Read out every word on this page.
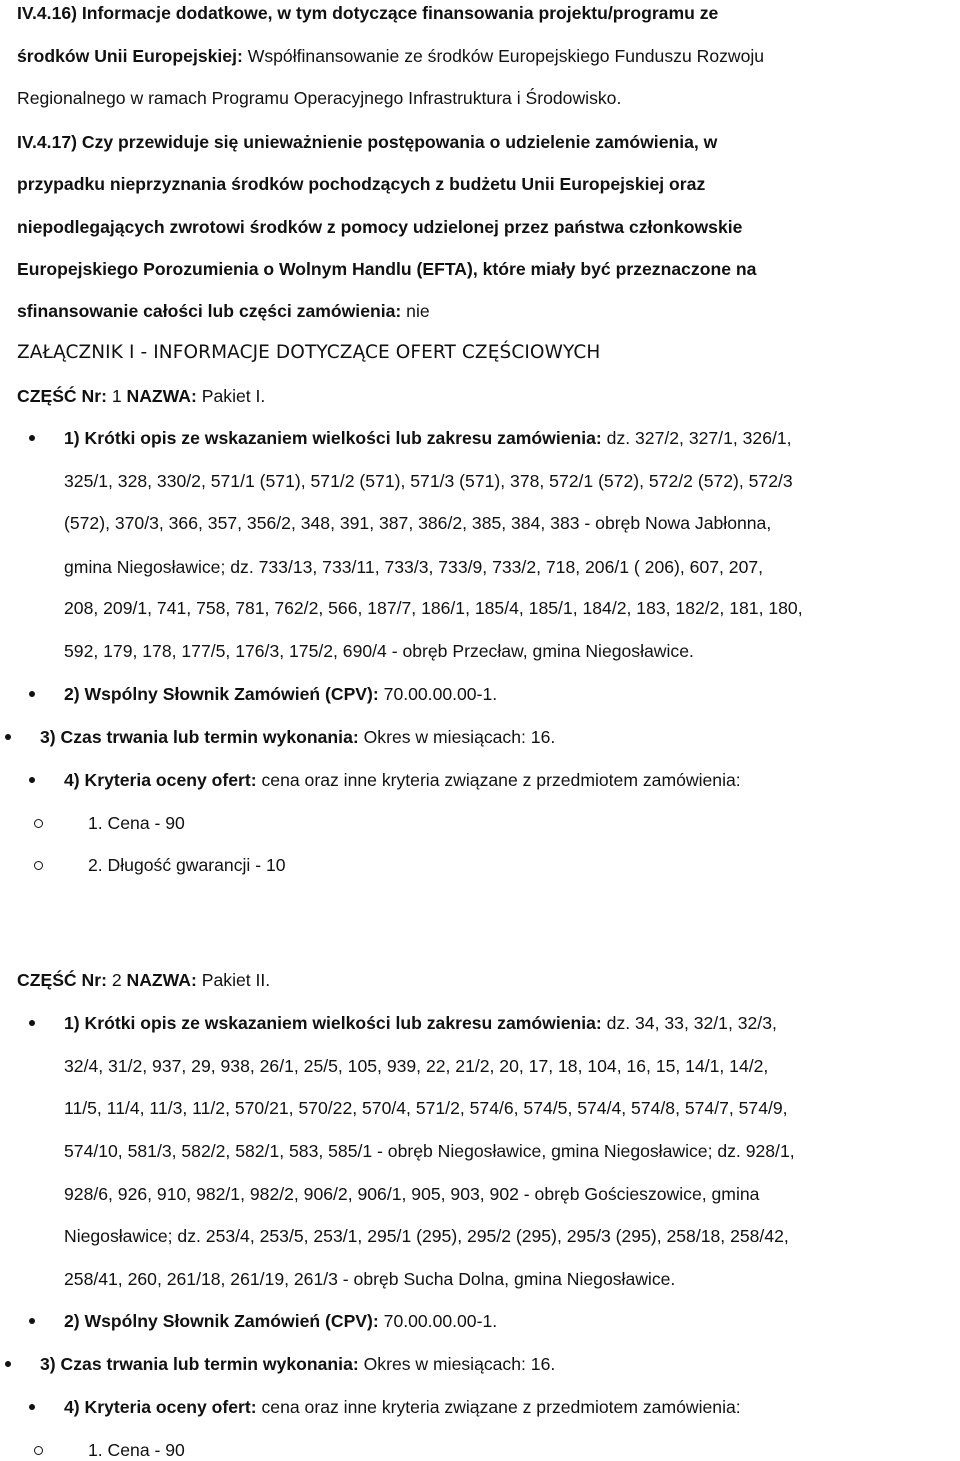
IV.4.16) Informacje dodatkowe, w tym dotyczące finansowania projektu/programu ze
środków Unii Europejskiej: Współfinansowanie ze środków Europejskiego Funduszu Rozwoju
Regionalnego w ramach Programu Operacyjnego Infrastruktura i Środowisko.
IV.4.17) Czy przewiduje się unieważnienie postępowania o udzielenie zamówienia, w
przypadku nieprzyznania środków pochodzących z budżetu Unii Europejskiej oraz
niepodlegających zwrotowi środków z pomocy udzielonej przez państwa członkowskie
Europejskiego Porozumienia o Wolnym Handlu (EFTA), które miały być przeznaczone na
sfinansowanie całości lub części zamówienia: nie
ZAŁĄCZNIK I - INFORMACJE DOTYCZĄCE OFERT CZĘŚCIOWYCH
CZĘŚĆ Nr: 1 NAZWA: Pakiet I.
1) Krótki opis ze wskazaniem wielkości lub zakresu zamówienia: dz. 327/2, 327/1, 326/1,
325/1, 328, 330/2, 571/1 (571), 571/2 (571), 571/3 (571), 378, 572/1 (572), 572/2 (572), 572/3
(572), 370/3, 366, 357, 356/2, 348, 391, 387, 386/2, 385, 384, 383 - obręb Nowa Jabłonna,
gmina Niegosławice; dz. 733/13, 733/11, 733/3, 733/9, 733/2, 718, 206/1 ( 206), 607, 207,
208, 209/1, 741, 758, 781, 762/2, 566, 187/7, 186/1, 185/4, 185/1, 184/2, 183, 182/2, 181, 180,
592, 179, 178, 177/5, 176/3, 175/2, 690/4 - obręb Przecław, gmina Niegosławice.
2) Wspólny Słownik Zamówień (CPV): 70.00.00.00-1.
3) Czas trwania lub termin wykonania: Okres w miesiącach: 16.
4) Kryteria oceny ofert: cena oraz inne kryteria związane z przedmiotem zamówienia:
1. Cena - 90
2. Długość gwarancji - 10
CZĘŚĆ Nr: 2 NAZWA: Pakiet II.
1) Krótki opis ze wskazaniem wielkości lub zakresu zamówienia: dz. 34, 33, 32/1, 32/3,
32/4, 31/2, 937, 29, 938, 26/1, 25/5, 105, 939, 22, 21/2, 20, 17, 18, 104, 16, 15, 14/1, 14/2,
11/5, 11/4, 11/3, 11/2, 570/21, 570/22, 570/4, 571/2, 574/6, 574/5, 574/4, 574/8, 574/7, 574/9,
574/10, 581/3, 582/2, 582/1, 583, 585/1 - obręb Niegosławice, gmina Niegosławice; dz. 928/1,
928/6, 926, 910, 982/1, 982/2, 906/2, 906/1, 905, 903, 902 - obręb Gościeszowice, gmina
Niegosławice; dz. 253/4, 253/5, 253/1, 295/1 (295), 295/2 (295), 295/3 (295), 258/18, 258/42,
258/41, 260, 261/18, 261/19, 261/3 - obręb Sucha Dolna, gmina Niegosławice.
2) Wspólny Słownik Zamówień (CPV): 70.00.00.00-1.
3) Czas trwania lub termin wykonania: Okres w miesiącach: 16.
4) Kryteria oceny ofert: cena oraz inne kryteria związane z przedmiotem zamówienia:
1. Cena - 90
